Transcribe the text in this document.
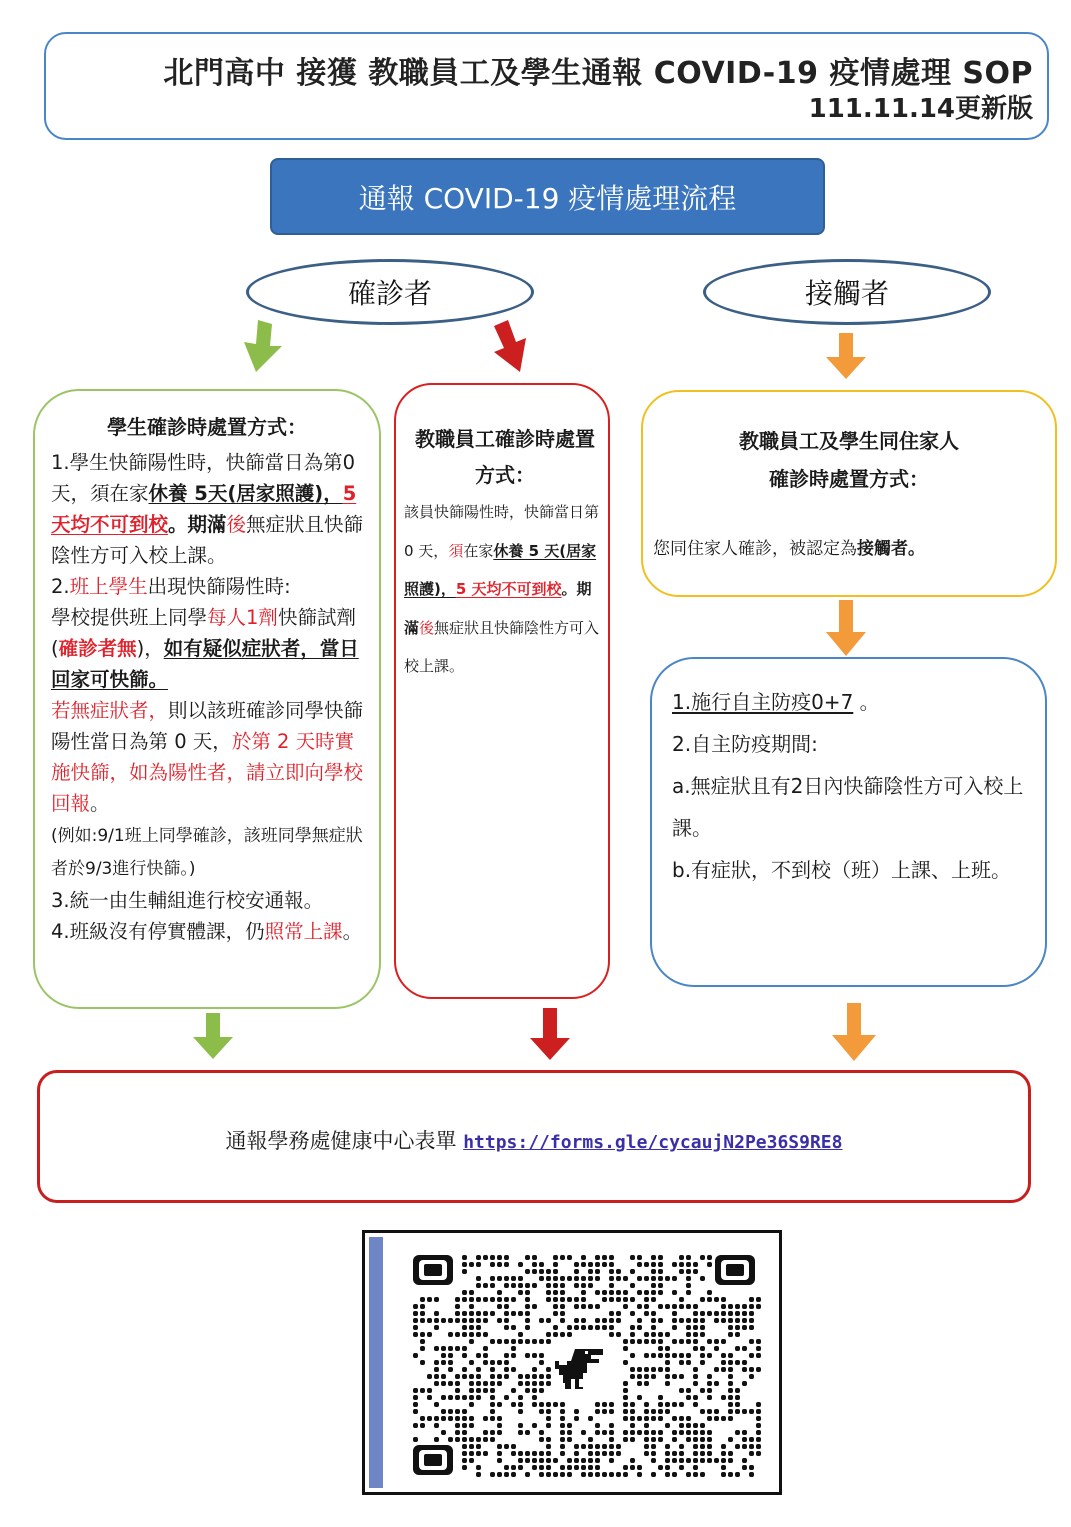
北門高中 接獲 教職員工及學生通報 COVID-19 疫情處理 SOP
111.11.14更新版
通報 COVID-19 疫情處理流程
確診者	接觸者
學生確診時處置方式：
1.學生快篩陽性時，快篩當日為第0天，須在家休養 5天(居家照護)，5天均不可到校。期滿後無症狀且快篩陰性方可入校上課。
2.班上學生出現快篩陽性時:
學校提供班上同學每人1劑快篩試劑(確診者無)，如有疑似症狀者，當日回家可快篩。
若無症狀者，則以該班確診同學快篩陽性當日為第 0 天，於第 2 天時實施快篩，如為陽性者，請立即向學校回報。
(例如:9/1班上同學確診，該班同學無症狀者於9/3進行快篩。)
3.統一由生輔組進行校安通報。
4.班級沒有停實體課，仍照常上課。
教職員工確診時處置方式：
該員快篩陽性時，快篩當日第 0 天，須在家休養 5 天(居家照護)，5 天均不可到校。期滿後無症狀且快篩陰性方可入校上課。
教職員工及學生同住家人
確診時處置方式：
您同住家人確診，被認定為接觸者。
1.施行自主防疫0+7 。
2.自主防疫期間:
a.無症狀且有2日內快篩陰性方可入校上課。
b.有症狀，不到校（班）上課、上班。
通報學務處健康中心表單 https://forms.gle/cycaujN2Pe36S9RE8
